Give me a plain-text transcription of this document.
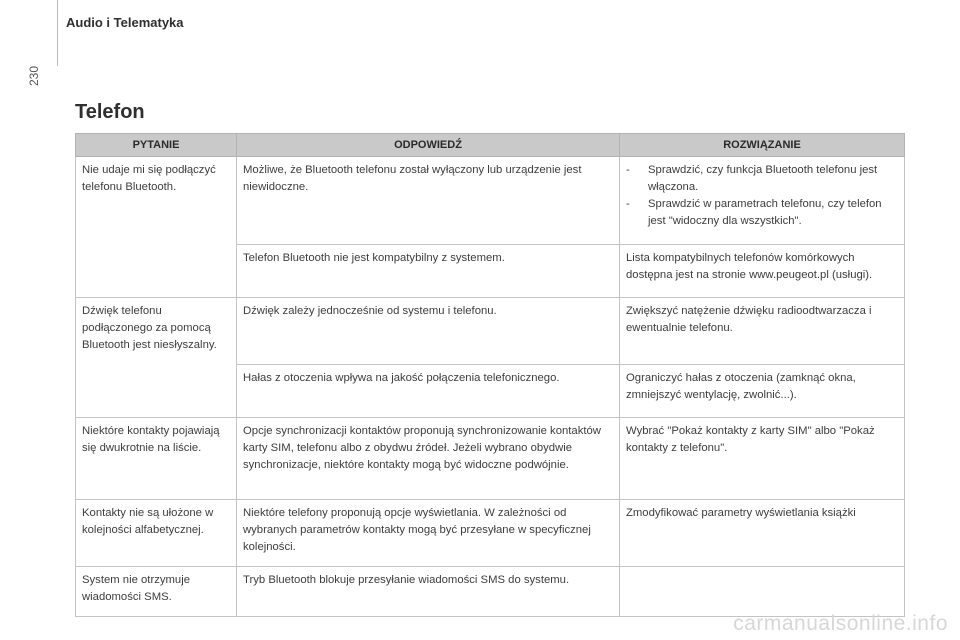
Audio i Telematyka
230
Telefon
PYTANIE	ODPOWIEDŹ	ROZWIĄZANIE
Nie udaje mi się podłączyć telefonu Bluetooth.	Możliwe, że Bluetooth telefonu został wyłączony lub urządzenie jest niewidoczne.	- Sprawdzić, czy funkcja Bluetooth telefonu jest włączona.
- Sprawdzić w parametrach telefonu, czy telefon jest "widoczny dla wszystkich".

	Telefon Bluetooth nie jest kompatybilny z systemem.	Lista kompatybilnych telefonów komórkowych dostępna jest na stronie www.peugeot.pl (usługi).
Dźwięk telefonu podłączonego za pomocą Bluetooth jest niesłyszalny.	Dźwięk zależy jednocześnie od systemu i telefonu.	Zwiększyć natężenie dźwięku radioodtwarzacza i ewentualnie telefonu.
	Hałas z otoczenia wpływa na jakość połączenia telefonicznego.	Ograniczyć hałas z otoczenia (zamknąć okna, zmniejszyć wentylację, zwolnić...).
Niektóre kontakty pojawiają się dwukrotnie na liście.	Opcje synchronizacji kontaktów proponują synchronizowanie kontaktów karty SIM, telefonu albo z obydwu źródeł. Jeżeli wybrano obydwie synchronizacje, niektóre kontakty mogą być widoczne podwójnie.	Wybrać "Pokaż kontakty z karty SIM" albo "Pokaż kontakty z telefonu".
Kontakty nie są ułożone w kolejności alfabetycznej.	Niektóre telefony proponują opcje wyświetlania. W zależności od wybranych parametrów kontakty mogą być przesyłane w specyficznej kolejności.	Zmodyfikować parametry wyświetlania książki
System nie otrzymuje wiadomości SMS.	Tryb Bluetooth blokuje przesyłanie wiadomości SMS do systemu.	
carmanualsonline.info
